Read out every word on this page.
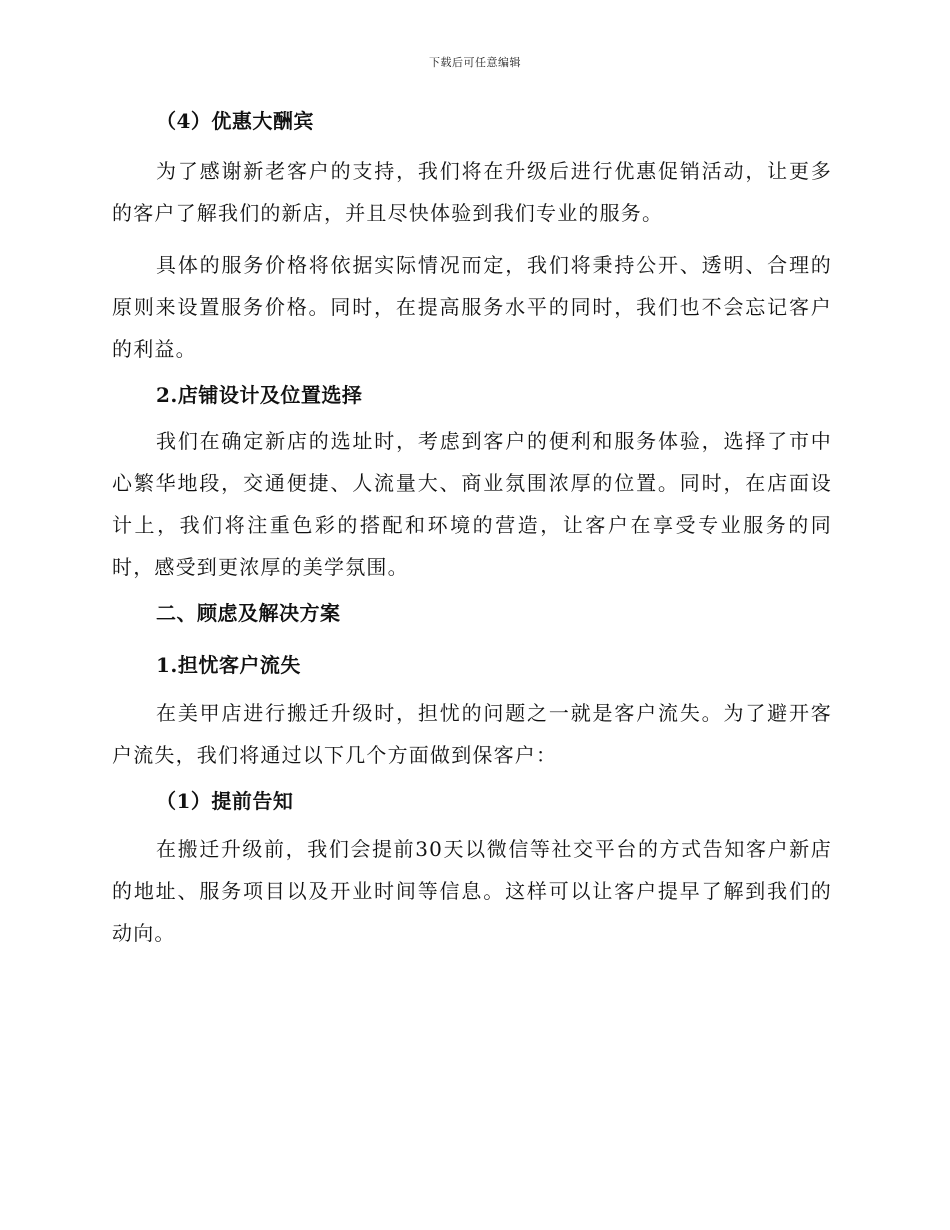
下载后可任意编辑
（4）优惠大酬宾
为了感谢新老客户的支持，我们将在升级后进行优惠促销活动，让更多的客户了解我们的新店，并且尽快体验到我们专业的服务。
具体的服务价格将依据实际情况而定，我们将秉持公开、透明、合理的原则来设置服务价格。同时，在提高服务水平的同时，我们也不会忘记客户的利益。
2.店铺设计及位置选择
我们在确定新店的选址时，考虑到客户的便利和服务体验，选择了市中心繁华地段，交通便捷、人流量大、商业氛围浓厚的位置。同时，在店面设计上，我们将注重色彩的搭配和环境的营造，让客户在享受专业服务的同时，感受到更浓厚的美学氛围。
二、顾虑及解决方案
1.担忧客户流失
在美甲店进行搬迁升级时，担忧的问题之一就是客户流失。为了避开客户流失，我们将通过以下几个方面做到保客户：
（1）提前告知
在搬迁升级前，我们会提前30天以微信等社交平台的方式告知客户新店的地址、服务项目以及开业时间等信息。这样可以让客户提早了解到我们的动向。
